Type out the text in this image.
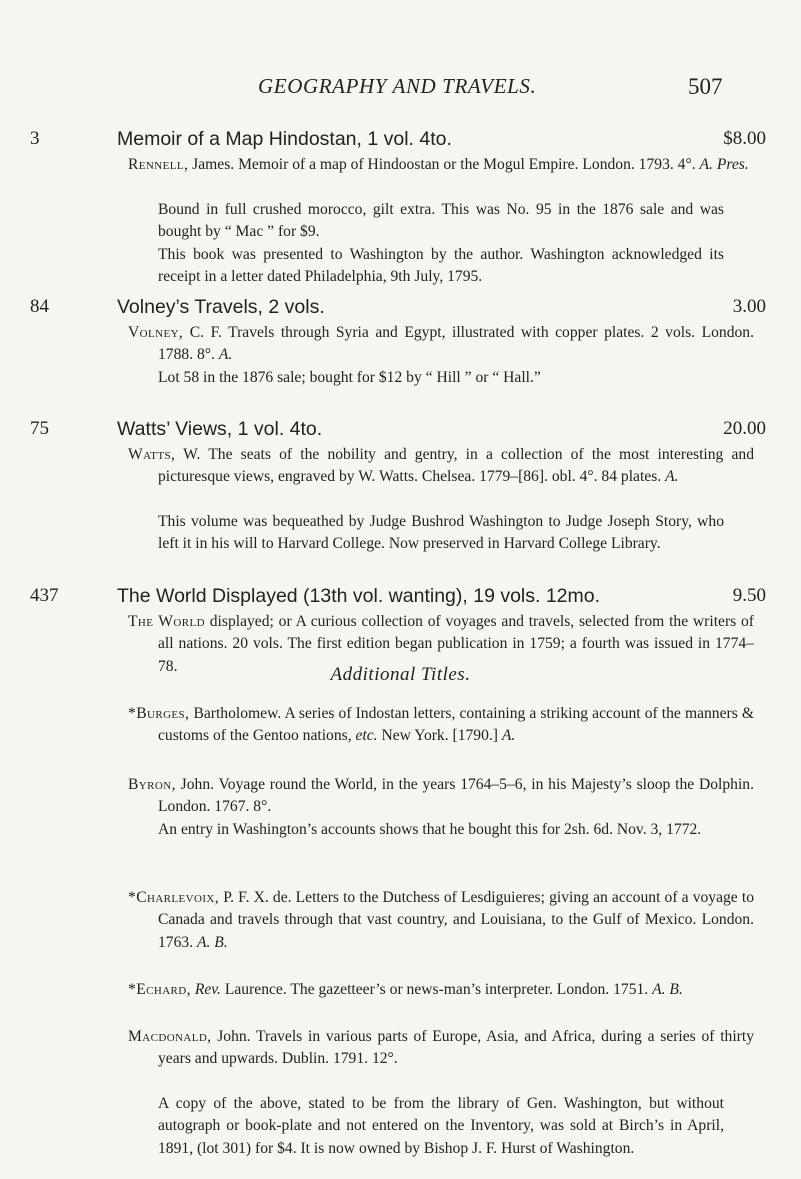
GEOGRAPHY AND TRAVELS.	507
3	Memoir of a Map Hindostan, 1 vol. 4to.	$8.00

Rennell, James. Memoir of a map of Hindoostan or the Mogul Empire. London. 1793. 4°. A. Pres.

Bound in full crushed morocco, gilt extra. This was No. 95 in the 1876 sale and was bought by “ Mac ” for $9.

This book was presented to Washington by the author. Washington acknowledged its receipt in a letter dated Philadelphia, 9th July, 1795.

84	Volney’s Travels, 2 vols.	3.00

Volney, C. F. Travels through Syria and Egypt, illustrated with copper plates. 2 vols. London. 1788. 8°. A.

Lot 58 in the 1876 sale; bought for $12 by “ Hill ” or “ Hall.”

75	Watts’ Views, 1 vol. 4to.	20.00

Watts, W. The seats of the nobility and gentry, in a collection of the most interesting and picturesque views, engraved by W. Watts. Chelsea. 1779–[86]. obl. 4°. 84 plates. A.

This volume was bequeathed by Judge Bushrod Washington to Judge Joseph Story, who left it in his will to Harvard College. Now preserved in Harvard College Library.

437	The World Displayed (13th vol. wanting), 19 vols. 12mo.	9.50

The World displayed; or A curious collection of voyages and travels, selected from the writers of all nations. 20 vols. The first edition began publication in 1759; a fourth was issued in 1774–78.	Additional Titles.

*Burges, Bartholomew. A series of Indostan letters, containing a striking account of the manners & customs of the Gentoo nations, etc. New York. [1790.] A.

Byron, John. Voyage round the World, in the years 1764–5–6, in his Majesty’s sloop the Dolphin. London. 1767. 8°.

An entry in Washington’s accounts shows that he bought this for 2sh. 6d. Nov. 3, 1772.

*Charlevoix, P. F. X. de. Letters to the Dutchess of Lesdiguieres; giving an account of a voyage to Canada and travels through that vast country, and Louisiana, to the Gulf of Mexico. London. 1763. A. B.

*Echard, Rev. Laurence. The gazetteer’s or news-man’s interpreter. London. 1751. A. B.

Macdonald, John. Travels in various parts of Europe, Asia, and Africa, during a series of thirty years and upwards. Dublin. 1791. 12°.

A copy of the above, stated to be from the library of Gen. Washington, but without autograph or book-plate and not entered on the Inventory, was sold at Birch’s in April, 1891, (lot 301) for $4. It is now owned by Bishop J. F. Hurst of Washington.
